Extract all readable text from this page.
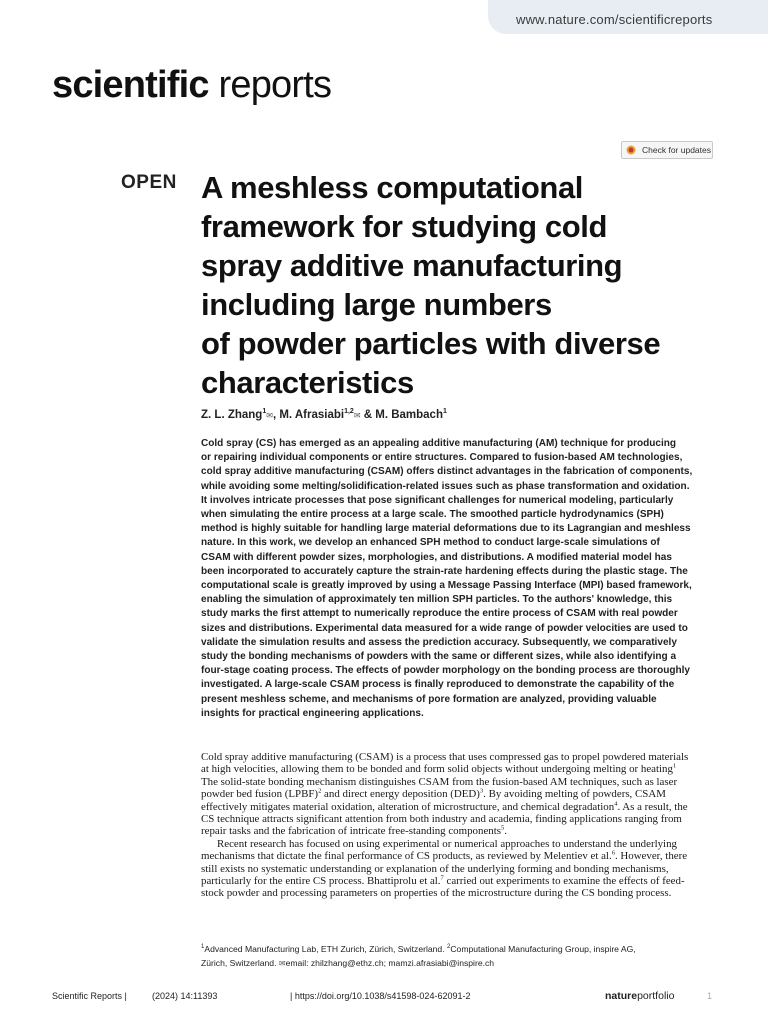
www.nature.com/scientificreports
scientific reports
Check for updates
OPEN A meshless computational
framework for studying cold
spray additive manufacturing
including large numbers
of powder particles with diverse
characteristics
Z. L. Zhang$^1$✉, M. Afrasiabi$^{1,2}$✉ & M. Bambach$^1$
Cold spray (CS) has emerged as an appealing additive manufacturing (AM) technique for producing
or repairing individual components or entire structures. Compared to fusion-based AM technologies,
cold spray additive manufacturing (CSAM) offers distinct advantages in the fabrication of components,
while avoiding some melting/solidification-related issues such as phase transformation and oxidation.
It involves intricate processes that pose significant challenges for numerical modeling, particularly
when simulating the entire process at a large scale. The smoothed particle hydrodynamics (SPH)
method is highly suitable for handling large material deformations due to its Lagrangian and meshless
nature. In this work, we develop an enhanced SPH method to conduct large-scale simulations of
CSAM with different powder sizes, morphologies, and distributions. A modified material model has
been incorporated to accurately capture the strain-rate hardening effects during the plastic stage. The
computational scale is greatly improved by using a Message Passing Interface (MPI) based framework,
enabling the simulation of approximately ten million SPH particles. To the authors' knowledge, this
study marks the first attempt to numerically reproduce the entire process of CSAM with real powder
sizes and distributions. Experimental data measured for a wide range of powder velocities are used to
validate the simulation results and assess the prediction accuracy. Subsequently, we comparatively
study the bonding mechanisms of powders with the same or different sizes, while also identifying a
four-stage coating process. The effects of powder morphology on the bonding process are thoroughly
investigated. A large-scale CSAM process is finally reproduced to demonstrate the capability of the
present meshless scheme, and mechanisms of pore formation are analyzed, providing valuable
insights for practical engineering applications.
Cold spray additive manufacturing (CSAM) is a process that uses compressed gas to propel powdered materials
at high velocities, allowing them to be bonded and form solid objects without undergoing melting or heating$^1$
The solid-state bonding mechanism distinguishes CSAM from the fusion-based AM techniques, such as laser
powder bed fusion (LPBF)$^2$ and direct energy deposition (DED)$^3$. By avoiding melting of powders, CSAM
effectively mitigates material oxidation, alteration of microstructure, and chemical degradation$^4$. As a result, the
CS technique attracts significant attention from both industry and academia, finding applications ranging from
repair tasks and the fabrication of intricate free-standing components$^5$.
Recent research has focused on using experimental or numerical approaches to understand the underlying
mechanisms that dictate the final performance of CS products, as reviewed by Melentiev et al.$^6$. However, there
still exists no systematic understanding or explanation of the underlying forming and bonding mechanisms,
particularly for the entire CS process. Bhattiprolu et al.$^7$ carried out experiments to examine the effects of feed-
stock powder and processing parameters on properties of the microstructure during the CS bonding process.
$^1$Advanced Manufacturing Lab, ETH Zurich, Zürich, Switzerland. $^2$Computational Manufacturing Group, inspire AG,
Zürich, Switzerland. ✉email: zhilzhang@ethz.ch; mamzi.afrasiabi@inspire.ch
Scientific Reports |	(2024) 14:11393	| https://doi.org/10.1038/s41598-024-62091-2	natureportfolio	1
